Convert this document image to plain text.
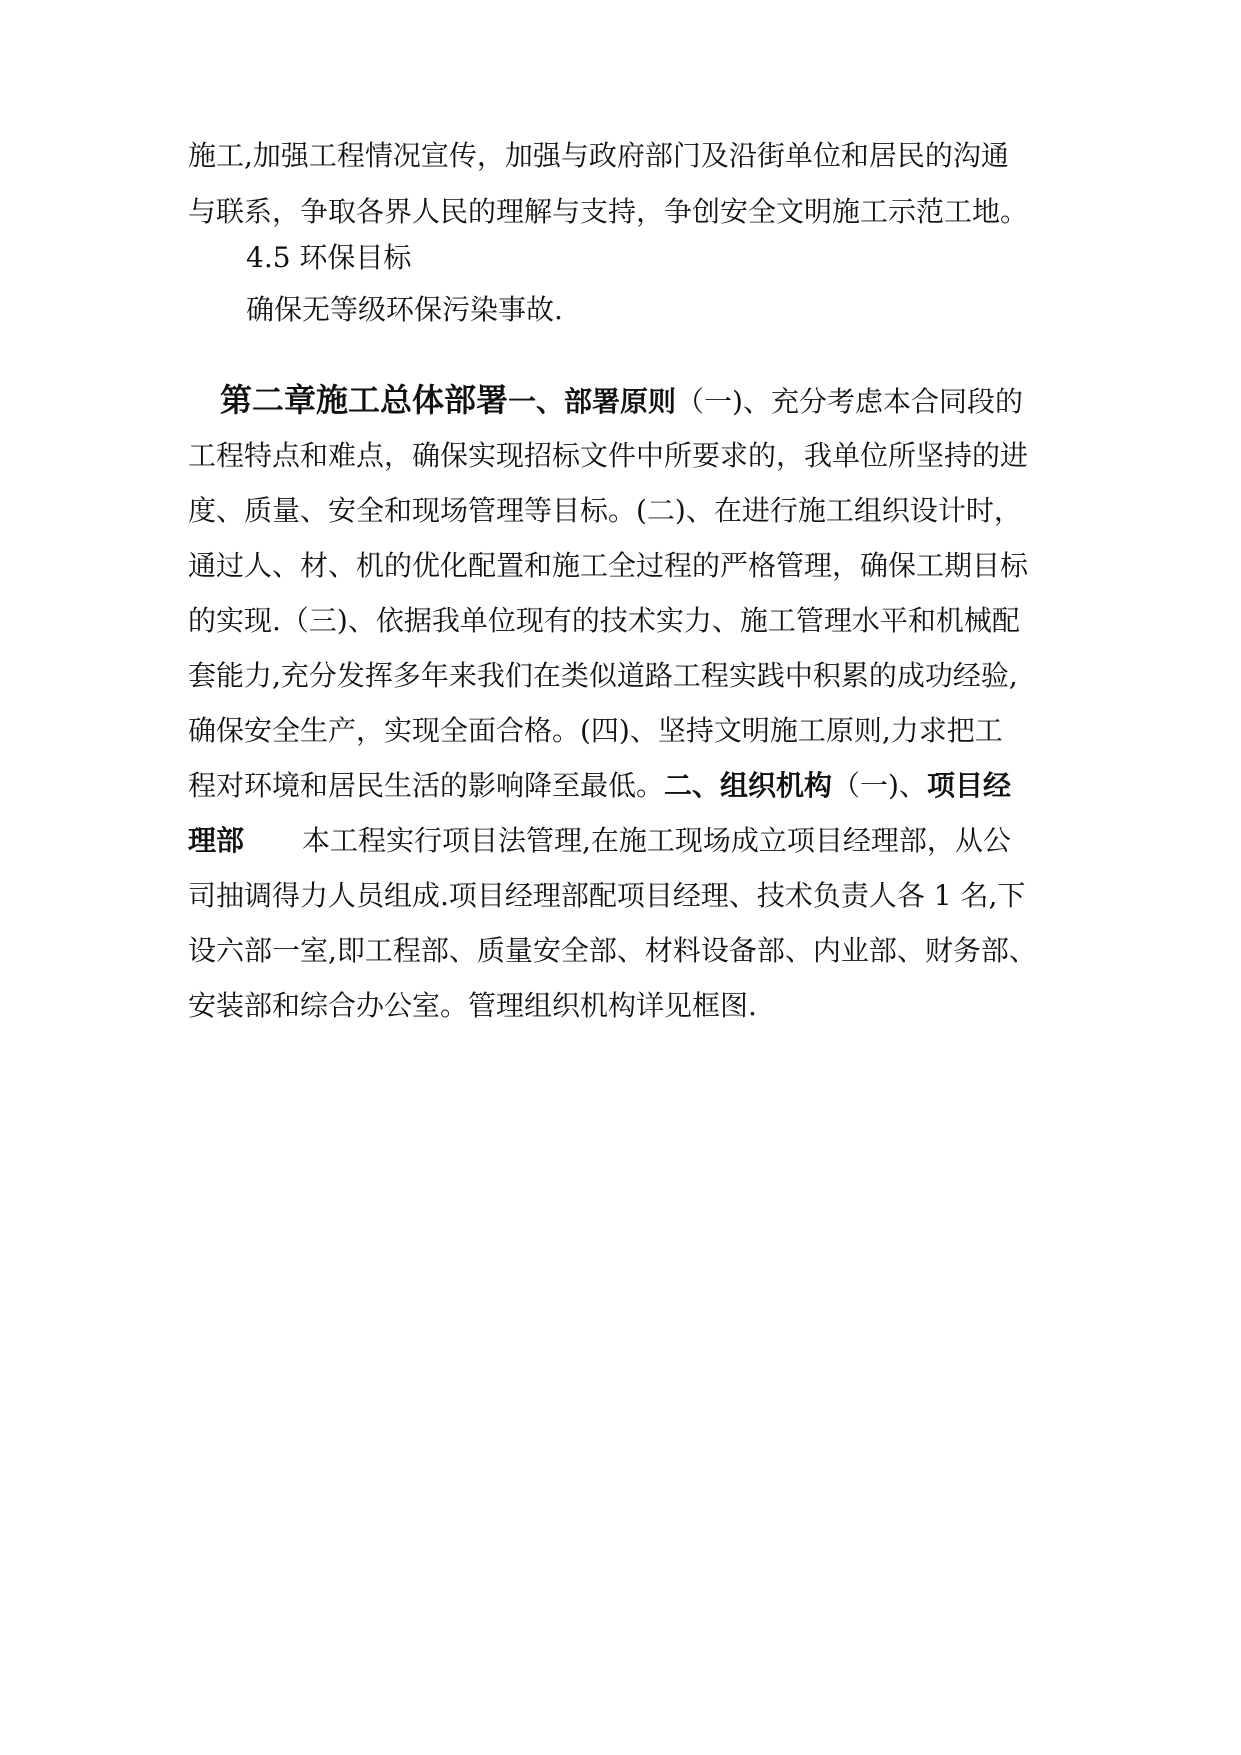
施工,加强工程情况宣传，加强与政府部门及沿街单位和居民的沟通
与联系，争取各界人民的理解与支持，争创安全文明施工示范工地。
4.5 环保目标
确保无等级环保污染事故.
第二章施工总体部署一、部署原则（一)、充分考虑本合同段的
工程特点和难点，确保实现招标文件中所要求的，我单位所坚持的进
度、质量、安全和现场管理等目标。(二)、在进行施工组织设计时，
通过人、材、机的优化配置和施工全过程的严格管理，确保工期目标
的实现.（三)、依据我单位现有的技术实力、施工管理水平和机械配
套能力,充分发挥多年来我们在类似道路工程实践中积累的成功经验,
确保安全生产，实现全面合格。(四)、坚持文明施工原则,力求把工
程对环境和居民生活的影响降至最低。二、组织机构（一)、项目经
理部 本工程实行项目法管理,在施工现场成立项目经理部，从公
司抽调得力人员组成.项目经理部配项目经理、技术负责人各 1 名,下
设六部一室,即工程部、质量安全部、材料设备部、内业部、财务部、
安装部和综合办公室。管理组织机构详见框图.
